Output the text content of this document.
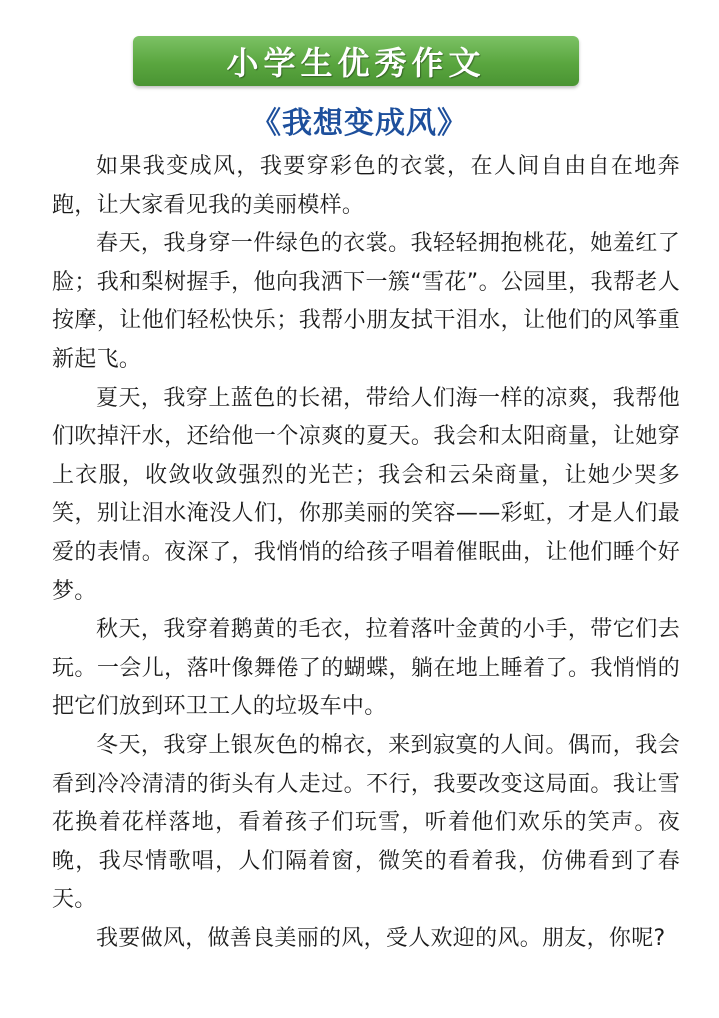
小学生优秀作文
《我想变成风》

如果我变成风，我要穿彩色的衣裳，在人间自由自在地奔跑，让大家看见我的美丽模样。

春天，我身穿一件绿色的衣裳。我轻轻拥抱桃花，她羞红了脸；我和梨树握手，他向我洒下一簇“雪花”。公园里，我帮老人按摩，让他们轻松快乐；我帮小朋友拭干泪水，让他们的风筝重新起飞。

夏天，我穿上蓝色的长裙，带给人们海一样的凉爽，我帮他们吹掉汗水，还给他一个凉爽的夏天。我会和太阳商量，让她穿上衣服，收敛收敛强烈的光芒；我会和云朵商量，让她少哭多笑，别让泪水淹没人们，你那美丽的笑容——彩虹，才是人们最爱的表情。夜深了，我悄悄的给孩子唱着催眠曲，让他们睡个好梦。

秋天，我穿着鹅黄的毛衣，拉着落叶金黄的小手，带它们去玩。一会儿，落叶像舞倦了的蝴蝶，躺在地上睡着了。我悄悄的把它们放到环卫工人的垃圾车中。

冬天，我穿上银灰色的棉衣，来到寂寞的人间。偶而，我会看到冷冷清清的街头有人走过。不行，我要改变这局面。我让雪花换着花样落地，看着孩子们玩雪，听着他们欢乐的笑声。夜晚，我尽情歌唱，人们隔着窗，微笑的看着我，仿佛看到了春天。

我要做风，做善良美丽的风，受人欢迎的风。朋友，你呢?
